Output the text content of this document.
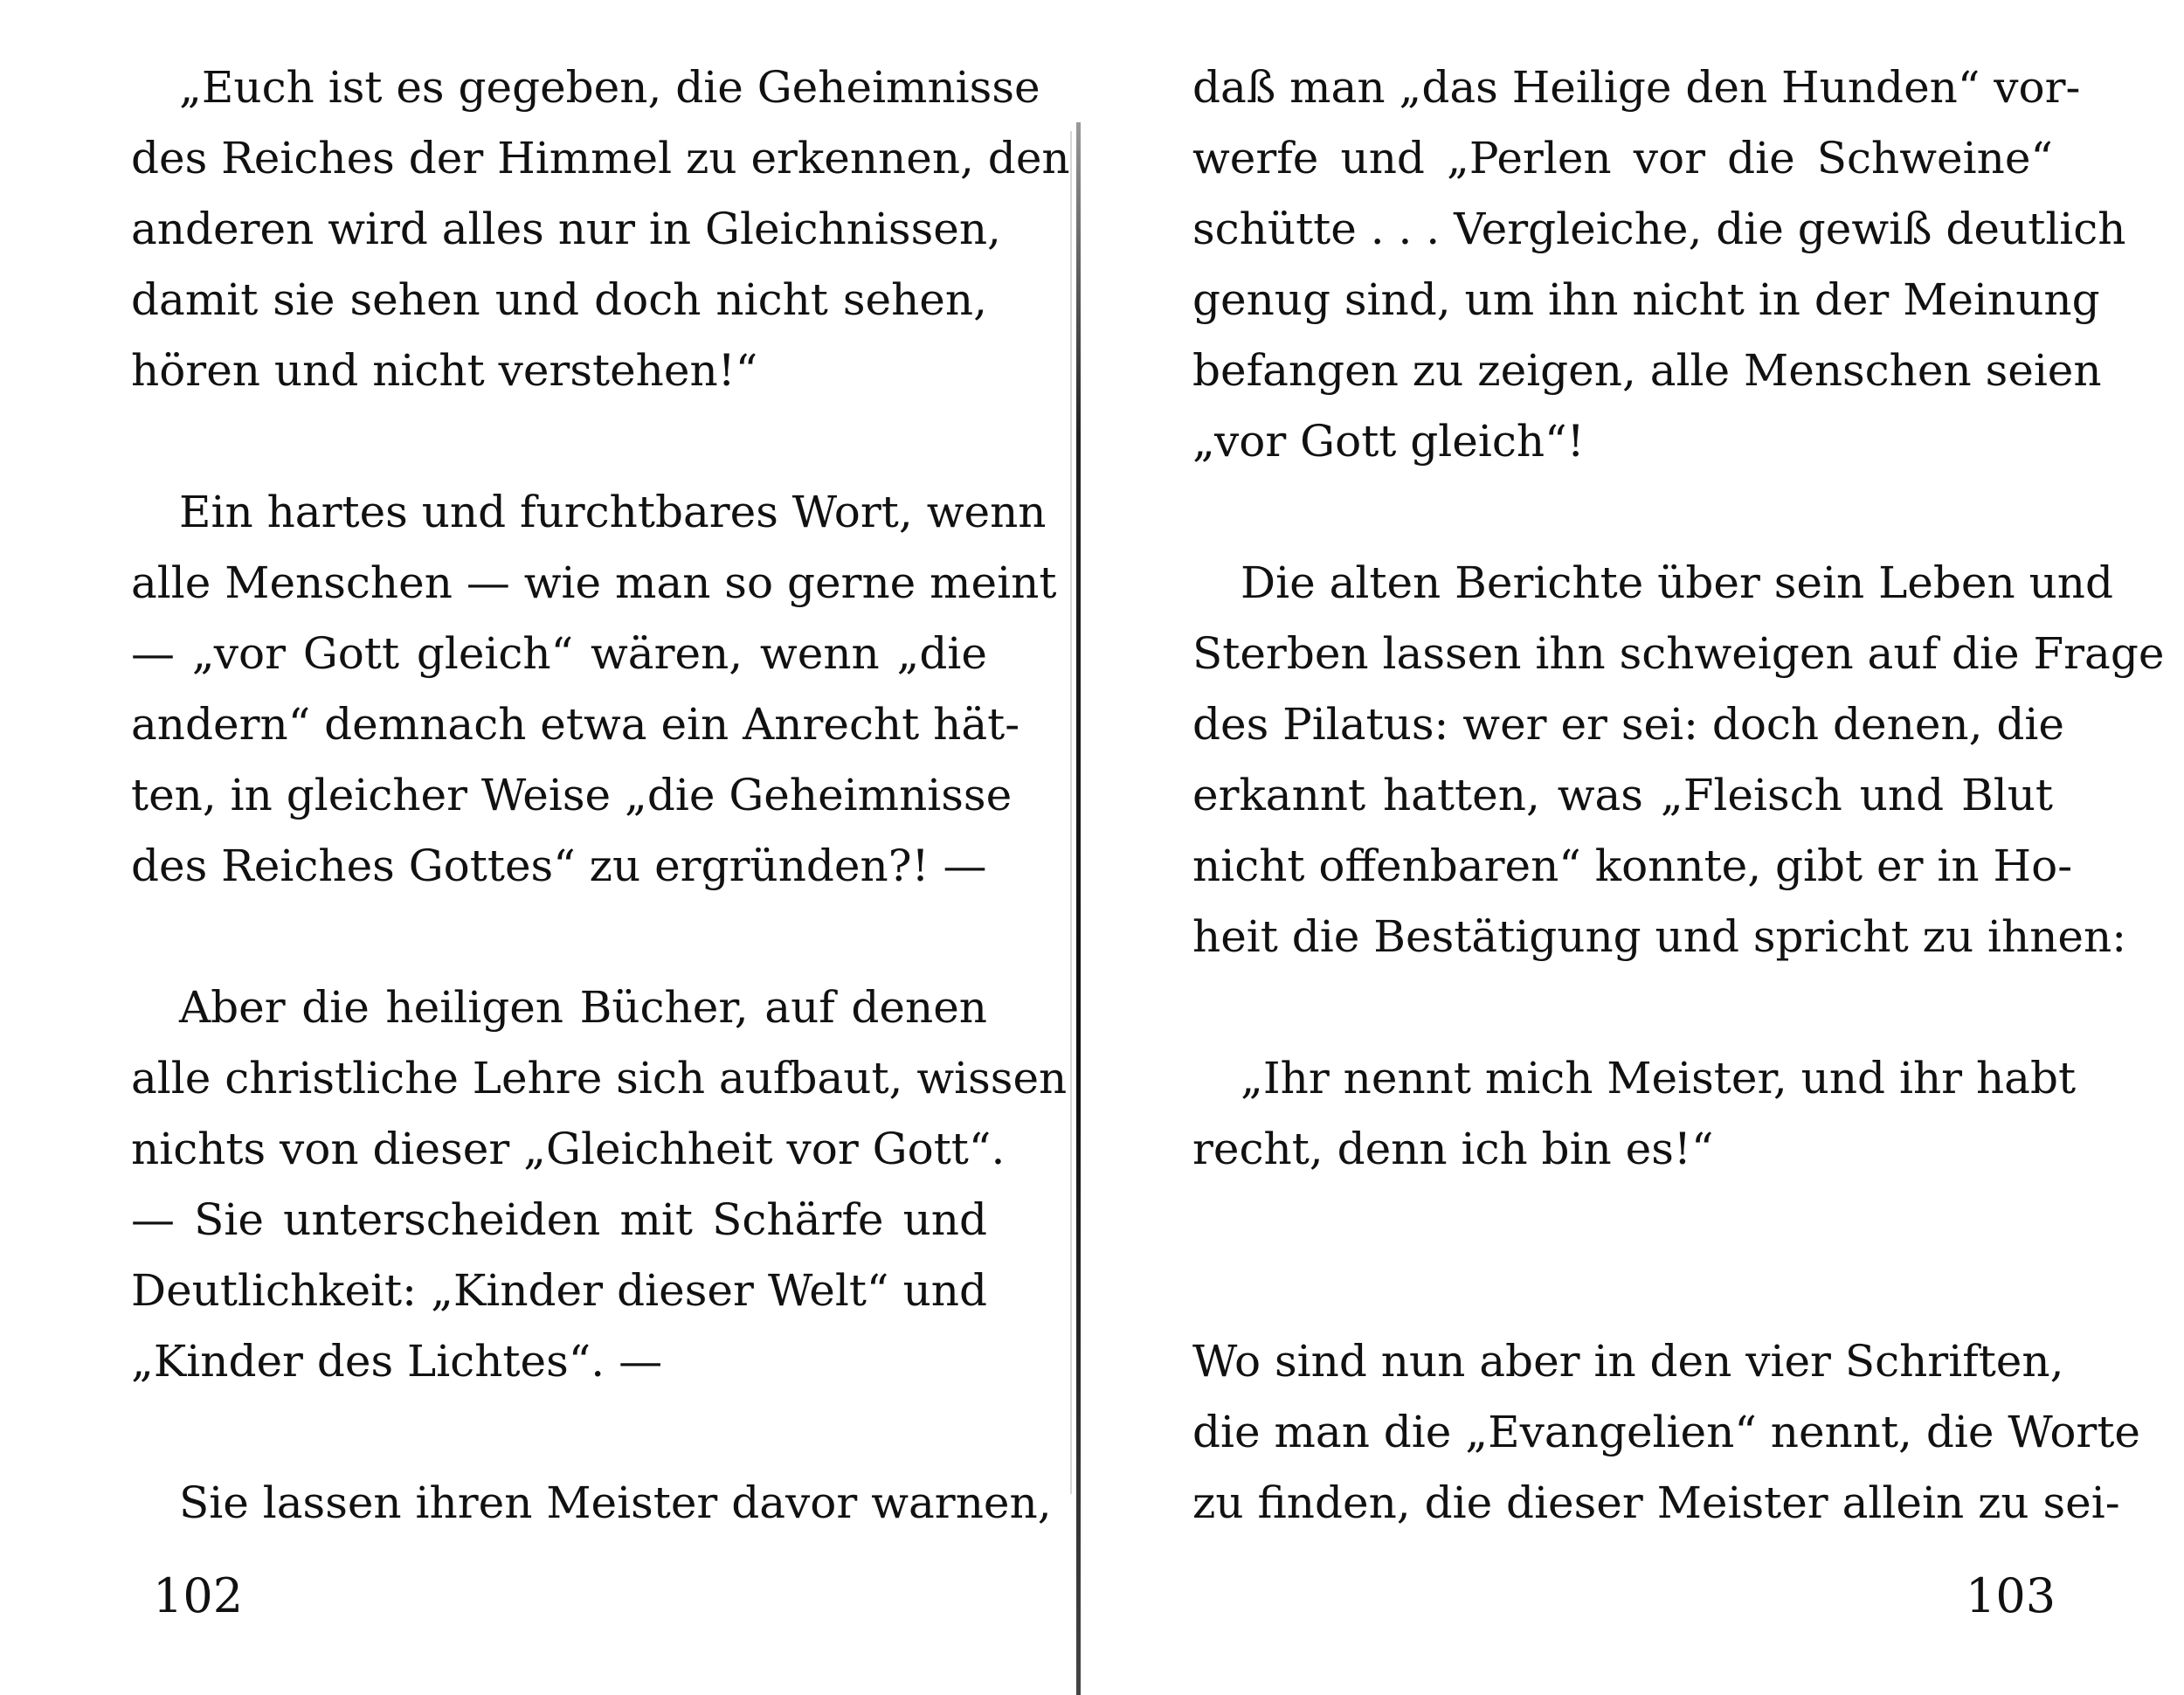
„Euch ist es gegeben, die Geheimnisse
des Reiches der Himmel zu erkennen, den
anderen wird alles nur in Gleichnissen,
damit sie sehen und doch nicht sehen,
hören und nicht verstehen!“

Ein hartes und furchtbares Wort, wenn
alle Menschen — wie man so gerne meint
— „vor Gott gleich“ wären, wenn „die
andern“ demnach etwa ein Anrecht hät-
ten, in gleicher Weise „die Geheimnisse
des Reiches Gottes“ zu ergründen?! —

Aber die heiligen Bücher, auf denen
alle christliche Lehre sich aufbaut, wissen
nichts von dieser „Gleichheit vor Gott“.
— Sie unterscheiden mit Schärfe und
Deutlichkeit: „Kinder dieser Welt“ und
„Kinder des Lichtes“. —

Sie lassen ihren Meister davor warnen,

102

daß man „das Heilige den Hunden“ vor-
werfe und „Perlen vor die Schweine“
schütte . . . Vergleiche, die gewiß deutlich
genug sind, um ihn nicht in der Meinung
befangen zu zeigen, alle Menschen seien
„vor Gott gleich“!

Die alten Berichte über sein Leben und
Sterben lassen ihn schweigen auf die Frage
des Pilatus: wer er sei: doch denen, die
erkannt hatten, was „Fleisch und Blut
nicht offenbaren“ konnte, gibt er in Ho-
heit die Bestätigung und spricht zu ihnen:

„Ihr nennt mich Meister, und ihr habt
recht, denn ich bin es!“

Wo sind nun aber in den vier Schriften,
die man die „Evangelien“ nennt, die Worte
zu finden, die dieser Meister allein zu sei-

103
